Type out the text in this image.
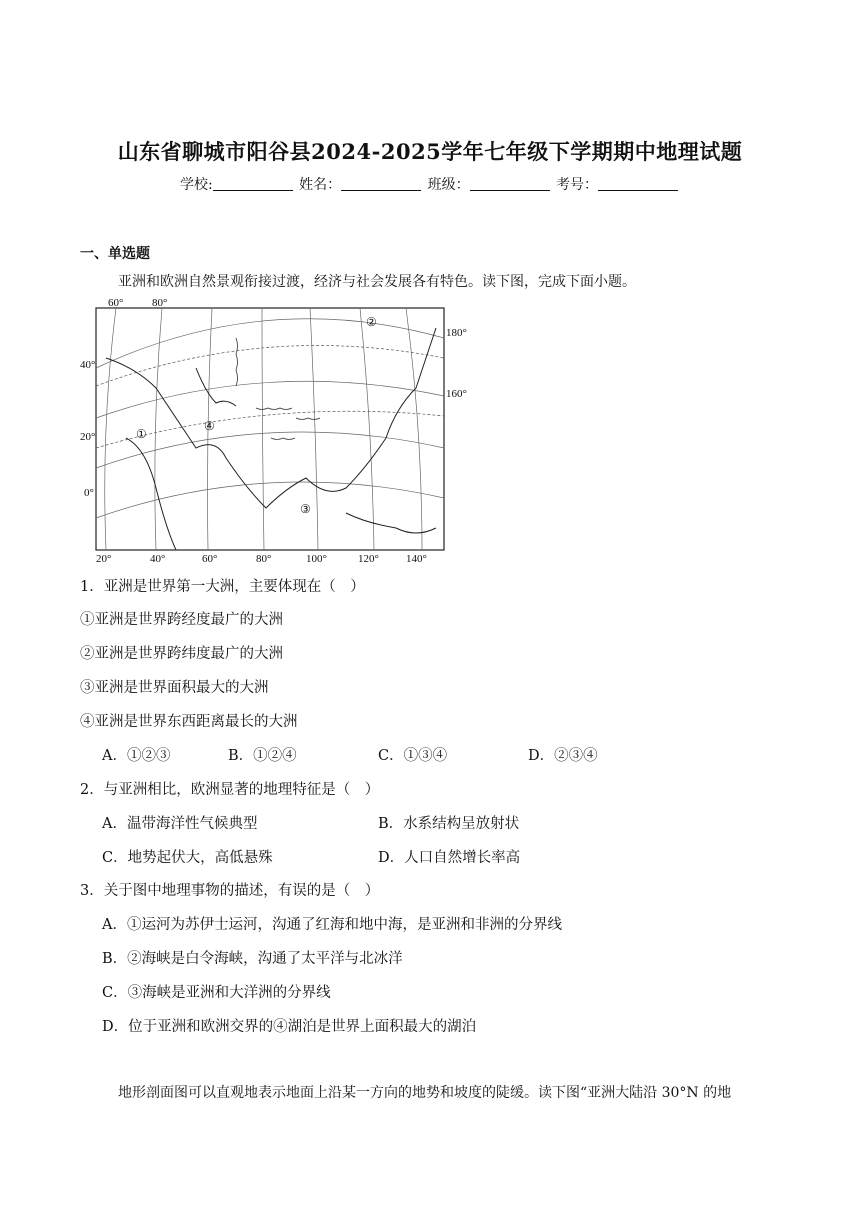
山东省聊城市阳谷县2024-2025学年七年级下学期期中地理试题
学校:	姓名：	班级：	考号：
一、单选题
亚洲和欧洲自然景观衔接过渡，经济与社会发展各有特色。读下图，完成下面小题。
60°	80°
20°	40°	60°	80°	100°	120° 140°
40°
20°
0°
180°
160°
①
②
③
④
1．亚洲是世界第一大洲，主要体现在（　）
①亚洲是世界跨经度最广的大洲
②亚洲是世界跨纬度最广的大洲
③亚洲是世界面积最大的大洲
④亚洲是世界东西距离最长的大洲
A．①②③	B．①②④	C．①③④	D．②③④
2．与亚洲相比，欧洲显著的地理特征是（　）
A．温带海洋性气候典型	B．水系结构呈放射状
C．地势起伏大，高低悬殊	D．人口自然增长率高
3．关于图中地理事物的描述，有误的是（　）
A．①运河为苏伊士运河，沟通了红海和地中海，是亚洲和非洲的分界线
B．②海峡是白令海峡，沟通了太平洋与北冰洋
C．③海峡是亚洲和大洋洲的分界线
D．位于亚洲和欧洲交界的④湖泊是世界上面积最大的湖泊
地形剖面图可以直观地表示地面上沿某一方向的地势和坡度的陡缓。读下图“亚洲大陆沿 30°N 的地
